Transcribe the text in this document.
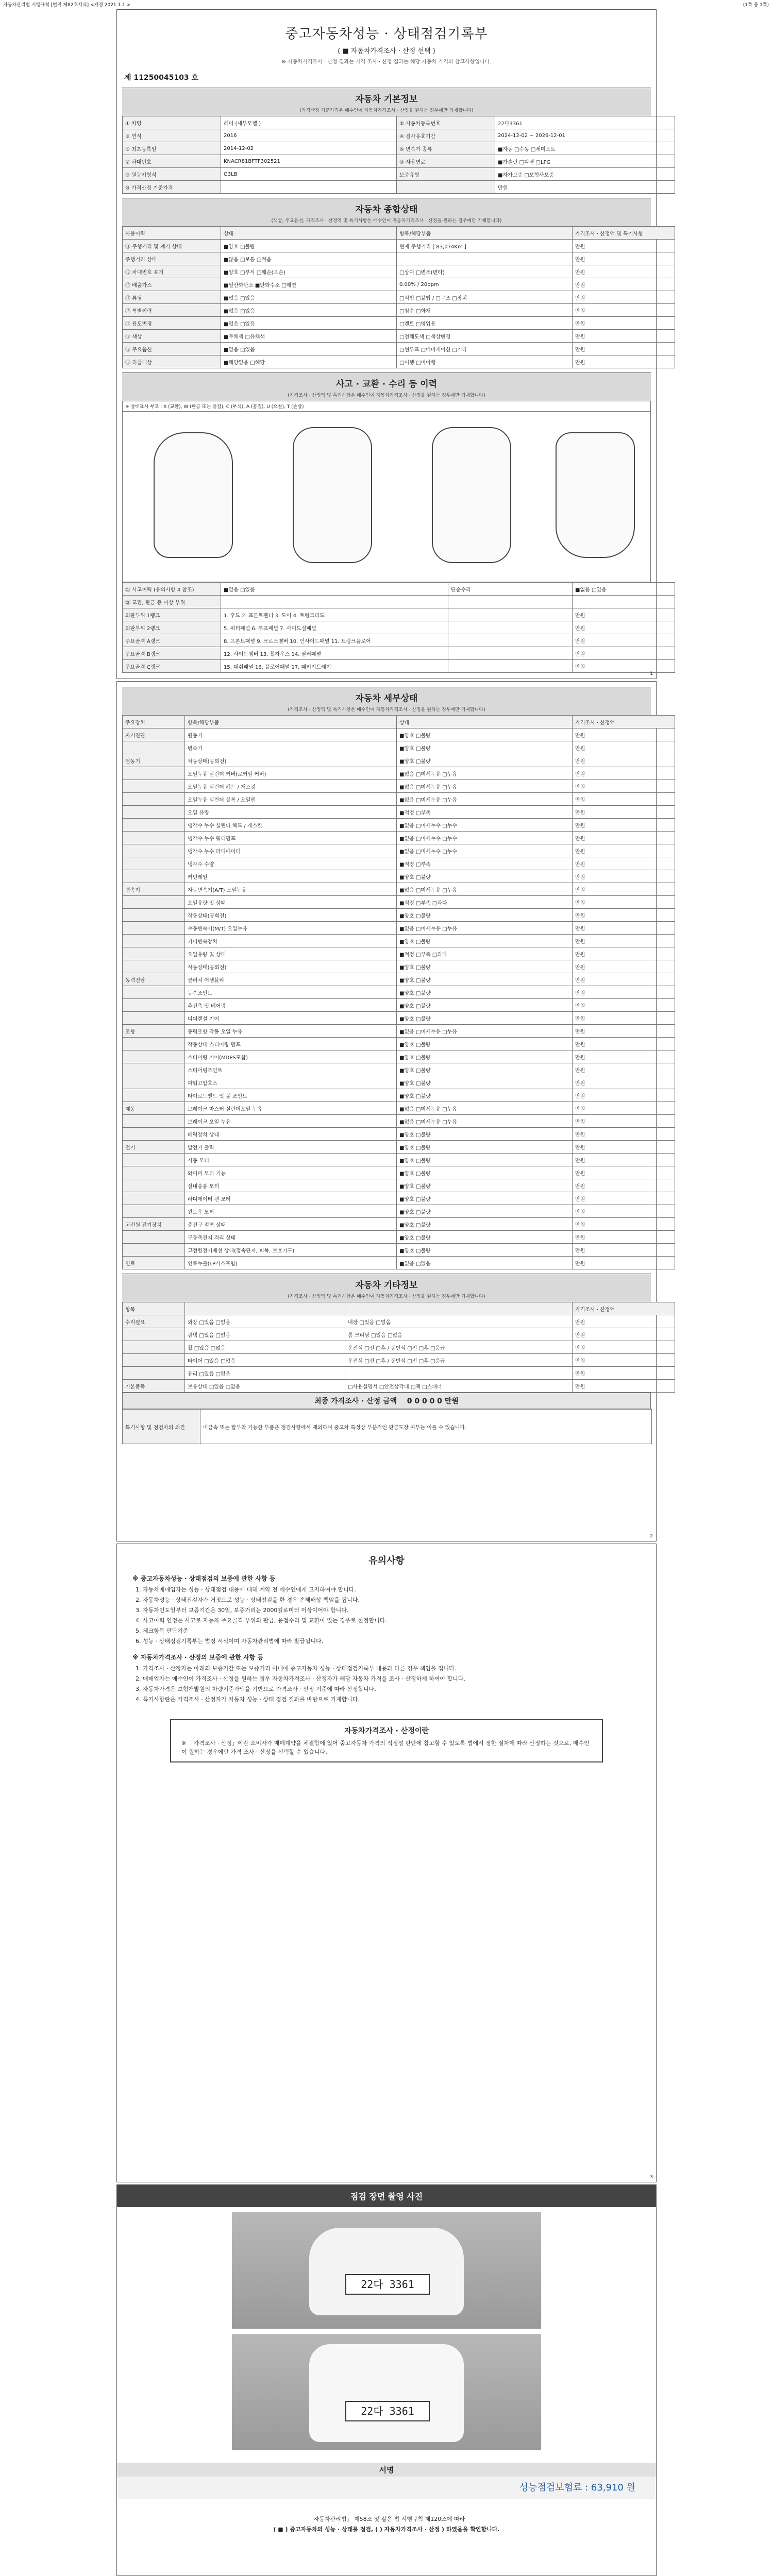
자동차관리법 시행규칙 [별지 제82호서식] <개정 2021.1.1.>	(1쪽 중 1쪽)
중고자동차성능 · 상태점검기록부
( ■ 자동차가격조사 · 산정 선택 )
※ 자동차가격조사 · 산정 결과는 가격 조사 · 산정 결과는 해당 자동차 가격의 참고사항입니다.
제 11250045103 호
자동차 기본정보
(가격산정 기준가격은 매수인이 자동차가격조사 · 산정을 원하는 경우에만 기재합니다)
① 차명	레이 (세부모델 )	② 자동차등록번호	22다3361
③ 연식	2016	④ 검사유효기간	2024-12-02 ~ 2026-12-01
⑤ 최초등록일	2014-12-02	⑥ 변속기 종류	■자동 □수동 □세미오토
⑦ 차대번호	KNACR81BFTF302521	⑧ 사용연료	■가솔린 □디젤 □LPG
⑨ 원동기형식	G3LB	보증유형	■자가보증 □보험사보증
⑩ 가격산정 기준가격			만원
자동차 종합상태
(색상, 주요옵션, 가격조사 · 산정액 및 특기사항은 매수인이 자동차가격조사 · 산정을 원하는 경우에만 기재합니다)
사용이력	상태	항목/해당부품	가격조사 · 산정액 및 특기사항
⑪ 주행거리 및 계기 상태	■양호 □불량	현재 주행거리 [ 83,074Km ]	만원
주행거리 상태	■많음 □보통 □적음		만원
⑫ 차대번호 표기	■양호 □부식 □훼손(오손)	□상이 □변조(변타)	만원
⑬ 배출가스	■일산화탄소 ■탄화수소 □매연	0.00% / 20ppm	만원
⑭ 튜닝	■없음 □있음	□적법 □불법 / □구조 □장치	만원
⑮ 특별이력	■없음 □있음	□침수 □화재	만원
⑯ 용도변경	■없음 □있음	□렌트 □영업용	만원
⑰ 색상	■무채색 □유채색	□전체도색 □색상변경	만원
⑱ 주요옵션	■없음 □있음	□썬루프 □네비게이션 □기타	만원
⑲ 리콜대상	■해당없음 □해당	□이행 □미이행	만원
사고 · 교환 · 수리 등 이력
(가격조사 · 산정액 및 특기사항은 매수인이 자동차가격조사 · 산정을 원하는 경우에만 기재합니다)
※ 상태표시 부호 : X (교환), W (판금 또는 용접), C (부식), A (흠집), U (요철), T (손상)
⑳ 사고이력 (유의사항 4 참조)	■없음 □있음	단순수리	■없음 □있음
㉑ 교환, 판금 등 이상 부위			
외판부위 1랭크	1. 후드 2. 프론트펜더 3. 도어 4. 트렁크리드		만원
외판부위 2랭크	5. 쿼터패널 6. 루프패널 7. 사이드실패널		만원
주요골격 A랭크	8. 프론트패널 9. 크로스멤버 10. 인사이드패널 11. 트렁크플로어		만원
주요골격 B랭크	12. 사이드멤버 13. 휠하우스 14. 필러패널		만원
주요골격 C랭크	15. 대쉬패널 16. 플로어패널 17. 패키지트레이		만원
1
자동차 세부상태
(가격조사 · 산정액 및 특기사항은 매수인이 자동차가격조사 · 산정을 원하는 경우에만 기재합니다)
주요장치	항목/해당부품	상태	가격조사 · 산정액
자기진단	원동기	■양호 □불량	만원
	변속기	■양호 □불량	만원
원동기	작동상태(공회전)	■양호 □불량	만원
	오일누유 실린더 커버(로커암 커버)	■없음 □미세누유 □누유	만원
	오일누유 실린더 헤드 / 개스킷	■없음 □미세누유 □누유	만원
	오일누유 실린더 블록 / 오일팬	■없음 □미세누유 □누유	만원
	오일 유량	■적정 □부족	만원
	냉각수 누수 실린더 헤드 / 개스킷	■없음 □미세누수 □누수	만원
	냉각수 누수 워터펌프	■없음 □미세누수 □누수	만원
	냉각수 누수 라디에이터	■없음 □미세누수 □누수	만원
	냉각수 수량	■적정 □부족	만원
	커먼레일	■양호 □불량	만원
변속기	자동변속기(A/T) 오일누유	■없음 □미세누유 □누유	만원
	오일유량 및 상태	■적정 □부족 □과다	만원
	작동상태(공회전)	■양호 □불량	만원
	수동변속기(M/T) 오일누유	■없음 □미세누유 □누유	만원
	기어변속장치	■양호 □불량	만원
	오일유량 및 상태	■적정 □부족 □과다	만원
	작동상태(공회전)	■양호 □불량	만원
동력전달	클러치 어셈블리	■양호 □불량	만원
	등속조인트	■양호 □불량	만원
	추진축 및 베어링	■양호 □불량	만원
	디퍼렌셜 기어	■양호 □불량	만원
조향	동력조향 작동 오일 누유	■없음 □미세누유 □누유	만원
	작동상태 스티어링 펌프	■양호 □불량	만원
	스티어링 기어(MDPS포함)	■양호 □불량	만원
	스티어링조인트	■양호 □불량	만원
	파워고압호스	■양호 □불량	만원
	타이로드엔드 및 볼 조인트	■양호 □불량	만원
제동	브레이크 마스터 실린더오일 누유	■없음 □미세누유 □누유	만원
	브레이크 오일 누유	■없음 □미세누유 □누유	만원
	배력장치 상태	■양호 □불량	만원
전기	발전기 출력	■양호 □불량	만원
	시동 모터	■양호 □불량	만원
	와이퍼 모터 기능	■양호 □불량	만원
	실내송풍 모터	■양호 □불량	만원
	라디에이터 팬 모터	■양호 □불량	만원
	윈도우 모터	■양호 □불량	만원
고전원 전기장치	충전구 절연 상태	■양호 □불량	만원
	구동축전지 격리 상태	■양호 □불량	만원
	고전원전기배선 상태(접속단자, 피복, 보호기구)	■양호 □불량	만원
연료	연료누출(LP가스포함)	■없음 □있음	만원
자동차 기타정보
(가격조사 · 산정액 및 특기사항은 매수인이 자동차가격조사 · 산정을 원하는 경우에만 기재합니다)
항목			가격조사 · 산정액
수리필요	외장 □있음 □없음	내장 □있음 □없음	만원
	광택 □있음 □없음	룸 크리닝 □있음 □없음	만원
	휠 □있음 □없음	운전석 □전 □후 / 동반석 □전 □후 □응급	만원
	타이어 □있음 □없음	운전석 □전 □후 / 동반석 □전 □후 □응급	만원
	유리 □있음 □없음		만원
기본품목	보유상태 □있음 □없음	□사용설명서 □안전삼각대 □잭 □스패너	만원
최종 가격조사 · 산정 금액 0 0 0 0 0 만원
특기사항 및 점검자의 의견	비금속 또는 탈부착 가능한 부품은 점검사항에서 제외하며 중고차 특성상 부분적인 판금도장 여부는 이를 수 있습니다.
2
유의사항
※ 중고자동차성능 · 상태점검의 보증에 관한 사항 등
1. 자동차매매업자는 성능 · 상태점검 내용에 대해 계약 전 매수인에게 고지하여야 합니다.
2. 자동차성능 · 상태점검자가 거짓으로 성능 · 상태점검을 한 경우 손해배상 책임을 집니다.
3. 자동차인도일부터 보증기간은 30일, 보증거리는 2000킬로미터 이상이어야 합니다.
4. 사고이력 인정은 사고로 자동차 주요골격 부위의 판금, 용접수리 및 교환이 있는 경우로 한정합니다.
5. 체크항목 판단기준
6. 성능 · 상태점검기록부는 법정 서식이며 자동차관리법에 따라 발급됩니다.
※ 자동차가격조사 · 산정의 보증에 관한 사항 등
1. 가격조사 · 산정자는 아래의 보증기간 또는 보증거리 이내에 중고자동차 성능 · 상태점검기록부 내용과 다른 경우 책임을 집니다.
2. 매매업자는 매수인이 가격조사 · 산정을 원하는 경우 자동차가격조사 · 산정자가 해당 자동차 가격을 조사 · 산정하게 하여야 합니다.
3. 자동차가격은 보험개발원의 차량기준가액을 기반으로 가격조사 · 산정 기준에 따라 산정합니다.
4. 특기사항란은 가격조사 · 산정자가 자동차 성능 · 상태 점검 결과를 바탕으로 기재합니다.
자동차가격조사 · 산정이란
※ 「가격조사 · 산정」이란 소비자가 매매계약을 체결함에 있어 중고자동차 가격의 적정성 판단에 참고할 수 있도록 법에서 정한 절차에 따라 산정하는 것으로, 매수인이 원하는 경우에만 가격 조사 · 산정을 선택할 수 있습니다.
3
점검 장면 촬영 사진
22다 3361
22다 3361
서명
성능점검보험료 : 63,910 원
「자동차관리법」 제58조 및 같은 법 시행규칙 제120조에 따라
( ■ ) 중고자동차의 성능 · 상태를 점검, ( ) 자동차가격조사 · 산정 ) 하였음을 확인합니다.
